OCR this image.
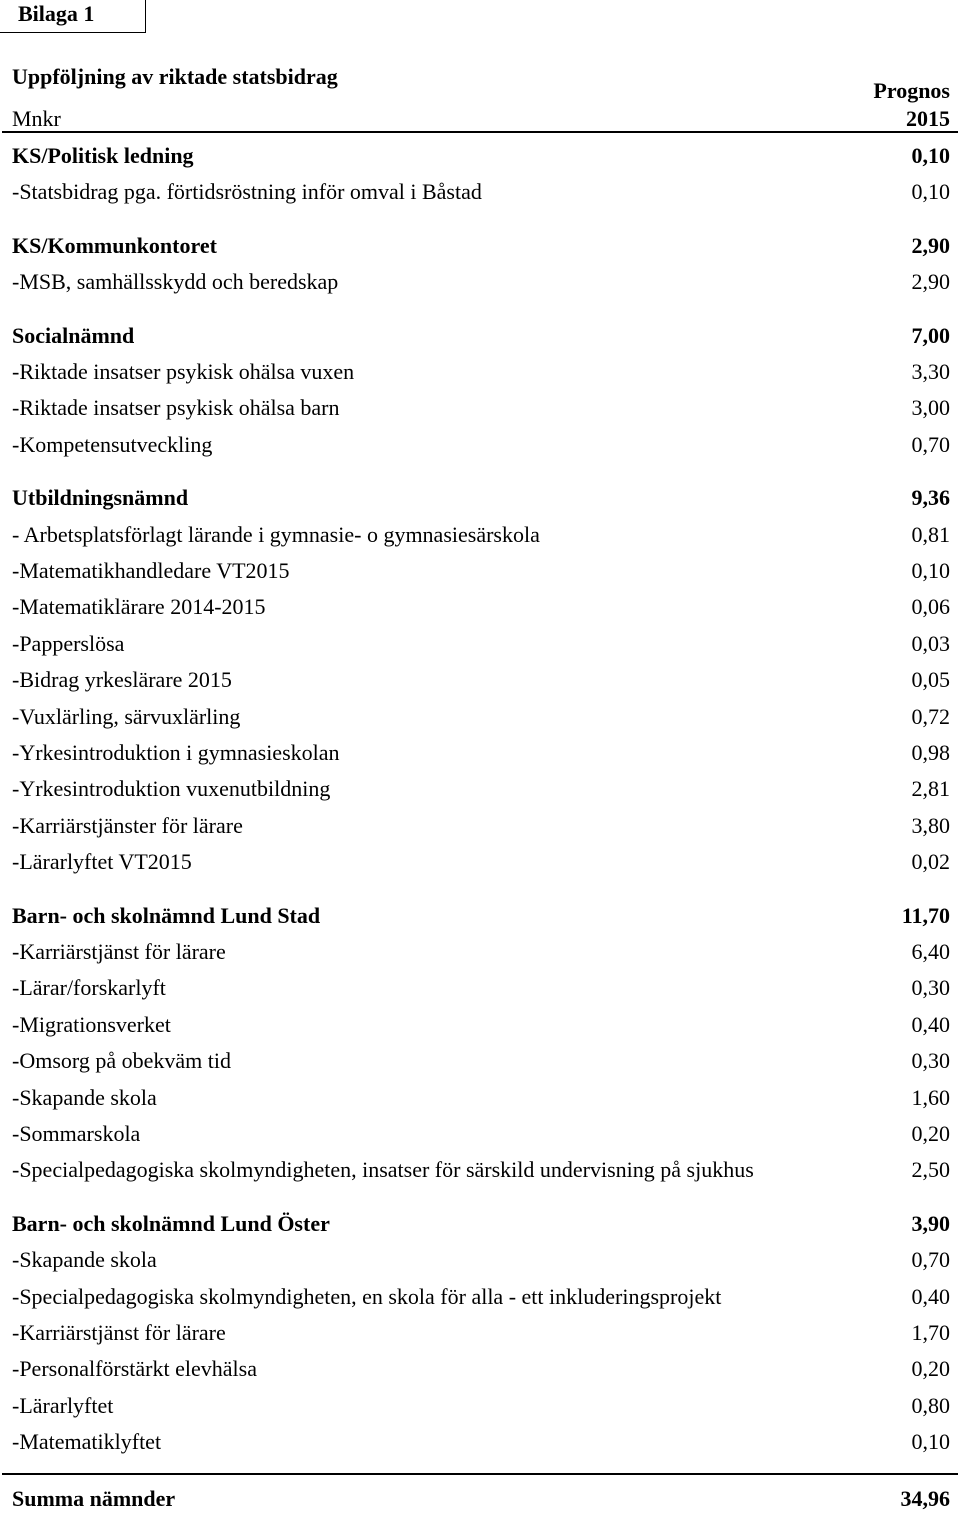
Bilaga 1
Uppföljning av riktade statsbidrag
Prognos
Mnkr	2015
KS/Politisk ledning	0,10
-Statsbidrag pga. förtidsröstning inför omval i Båstad	0,10
KS/Kommunkontoret	2,90
-MSB, samhällsskydd och beredskap	2,90
Socialnämnd	7,00
-Riktade insatser psykisk ohälsa vuxen	3,30
-Riktade insatser psykisk ohälsa barn	3,00
-Kompetensutveckling	0,70
Utbildningsnämnd	9,36
- Arbetsplatsförlagt lärande i gymnasie- o gymnasiesärskola	0,81
-Matematikhandledare VT2015	0,10
-Matematiklärare 2014-2015	0,06
-Papperslösa	0,03
-Bidrag yrkeslärare 2015	0,05
-Vuxlärling, särvuxlärling	0,72
-Yrkesintroduktion i gymnasieskolan	0,98
-Yrkesintroduktion vuxenutbildning	2,81
-Karriärstjänster för lärare	3,80
-Lärarlyftet VT2015	0,02
Barn- och skolnämnd Lund Stad	11,70
-Karriärstjänst för lärare	6,40
-Lärar/forskarlyft	0,30
-Migrationsverket	0,40
-Omsorg på obekväm tid	0,30
-Skapande skola	1,60
-Sommarskola	0,20
-Specialpedagogiska skolmyndigheten, insatser för särskild undervisning på sjukhus	2,50
Barn- och skolnämnd Lund Öster	3,90
-Skapande skola	0,70
-Specialpedagogiska skolmyndigheten, en skola för alla - ett inkluderingsprojekt	0,40
-Karriärstjänst för lärare	1,70
-Personalförstärkt elevhälsa	0,20
-Lärarlyftet	0,80
-Matematiklyftet	0,10
Summa nämnder	34,96
